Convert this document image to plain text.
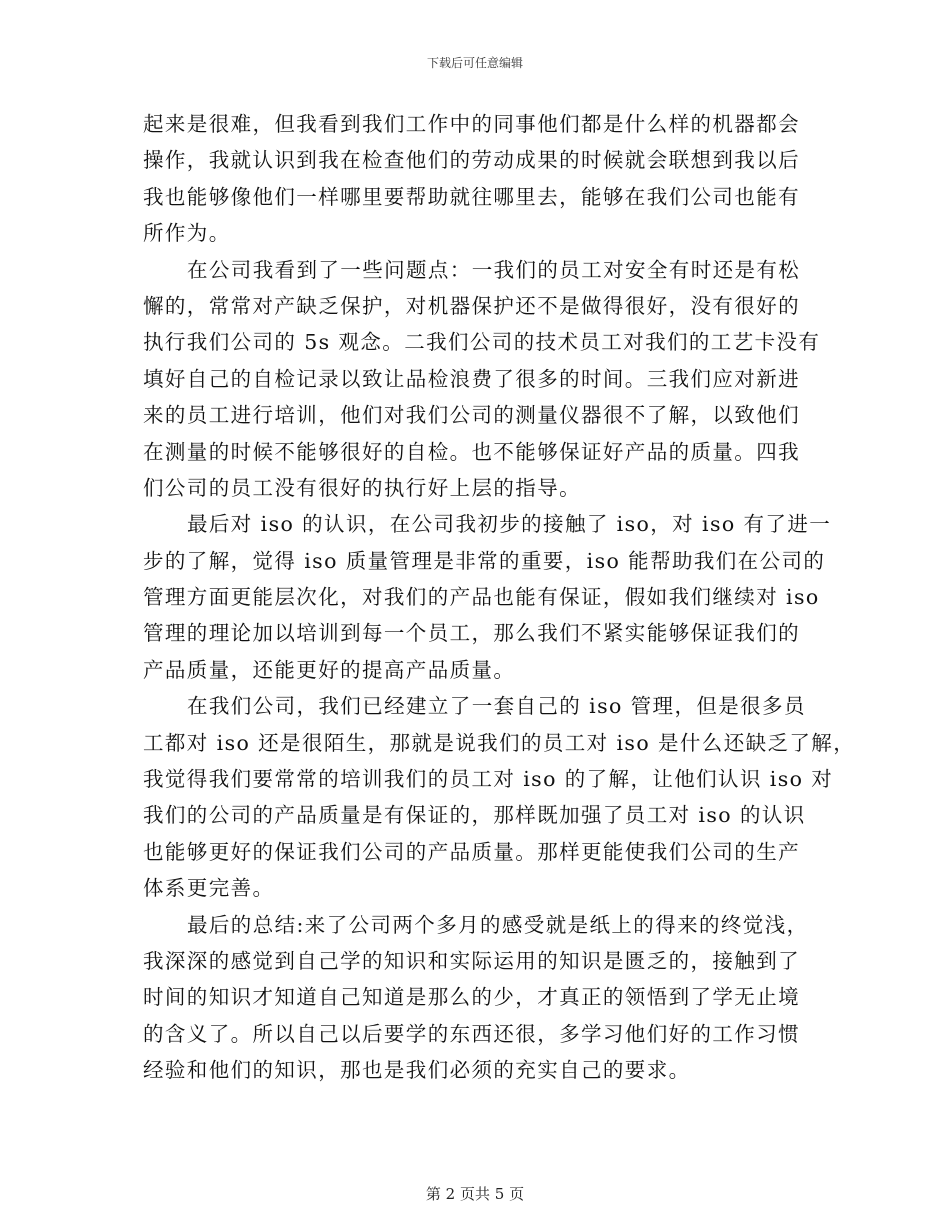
下载后可任意编辑
起来是很难，但我看到我们工作中的同事他们都是什么样的机器都会
操作，我就认识到我在检查他们的劳动成果的时候就会联想到我以后
我也能够像他们一样哪里要帮助就往哪里去，能够在我们公司也能有
所作为。
在公司我看到了一些问题点：一我们的员工对安全有时还是有松
懈的，常常对产缺乏保护，对机器保护还不是做得很好，没有很好的
执行我们公司的 5s 观念。二我们公司的技术员工对我们的工艺卡没有
填好自己的自检记录以致让品检浪费了很多的时间。三我们应对新进
来的员工进行培训，他们对我们公司的测量仪器很不了解，以致他们
在测量的时候不能够很好的自检。也不能够保证好产品的质量。四我
们公司的员工没有很好的执行好上层的指导。
最后对 iso 的认识，在公司我初步的接触了 iso，对 iso 有了进一
步的了解，觉得 iso 质量管理是非常的重要，iso 能帮助我们在公司的
管理方面更能层次化，对我们的产品也能有保证，假如我们继续对 iso
管理的理论加以培训到每一个员工，那么我们不紧实能够保证我们的
产品质量，还能更好的提高产品质量。
在我们公司，我们已经建立了一套自己的 iso 管理，但是很多员
工都对 iso 还是很陌生，那就是说我们的员工对 iso 是什么还缺乏了解，
我觉得我们要常常的培训我们的员工对 iso 的了解，让他们认识 iso 对
我们的公司的产品质量是有保证的，那样既加强了员工对 iso 的认识
也能够更好的保证我们公司的产品质量。那样更能使我们公司的生产
体系更完善。
最后的总结:来了公司两个多月的感受就是纸上的得来的终觉浅，
我深深的感觉到自己学的知识和实际运用的知识是匮乏的，接触到了
时间的知识才知道自己知道是那么的少，才真正的领悟到了学无止境
的含义了。所以自己以后要学的东西还很，多学习他们好的工作习惯
经验和他们的知识，那也是我们必须的充实自己的要求。
第 2 页共 5 页
